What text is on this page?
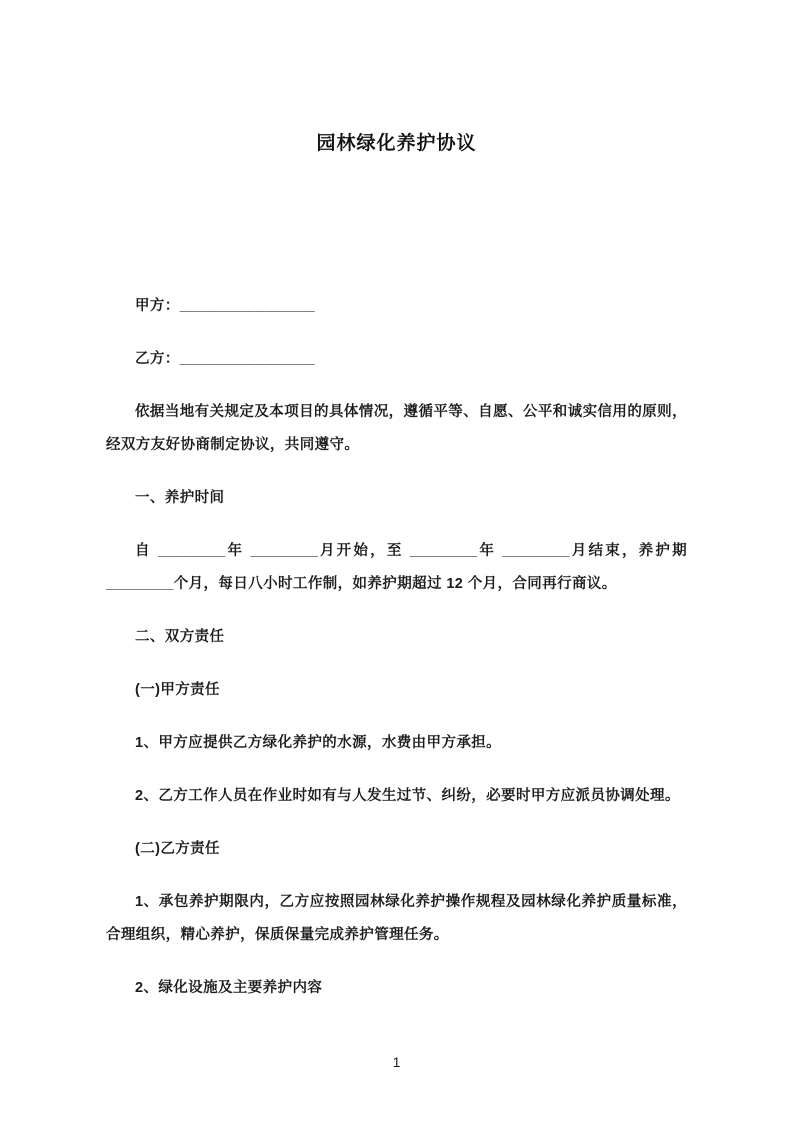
园林绿化养护协议

甲方：________________

乙方：________________

依据当地有关规定及本项目的具体情况，遵循平等、自愿、公平和诚实信用的原则，经双方友好协商制定协议，共同遵守。

一、养护时间

自 ________年 ________月开始，至 ________年 ________月结束，养护期 ________个月，每日八小时工作制，如养护期超过 12 个月，合同再行商议。

二、双方责任

(一)甲方责任

1、甲方应提供乙方绿化养护的水源，水费由甲方承担。

2、乙方工作人员在作业时如有与人发生过节、纠纷，必要时甲方应派员协调处理。

(二)乙方责任

1、承包养护期限内，乙方应按照园林绿化养护操作规程及园林绿化养护质量标准，合理组织，精心养护，保质保量完成养护管理任务。

2、绿化设施及主要养护内容

1
